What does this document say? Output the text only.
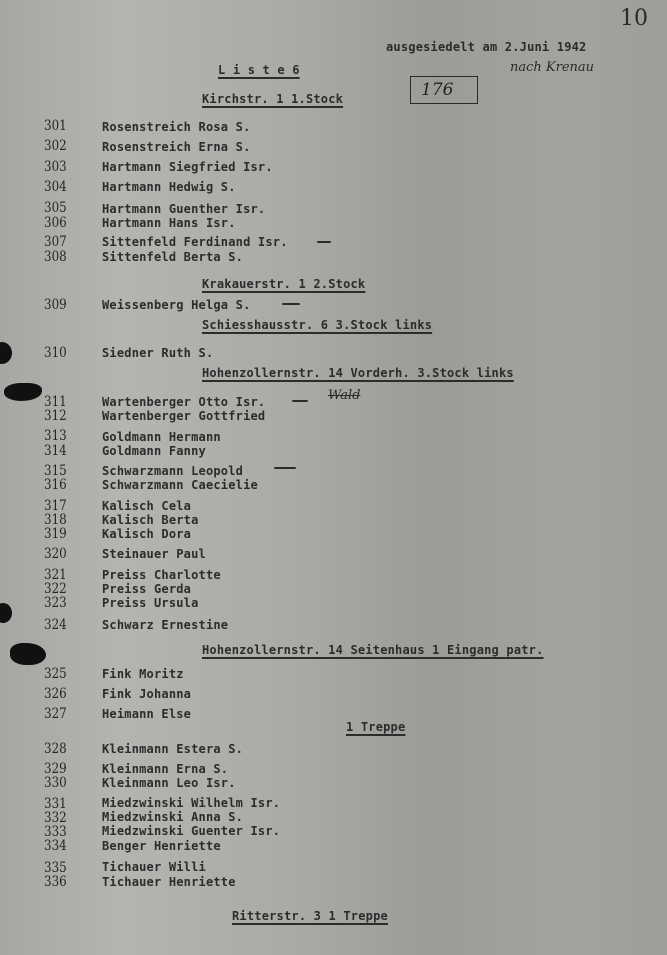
10
ausgesiedelt am 2.Juni 1942
nach Krenau
L i s t e 6
176
Kirchstr. 1 1.Stock
Krakauerstr. 1 2.Stock
Schiesshausstr. 6 3.Stock links
Hohenzollernstr. 14 Vorderh. 3.Stock links
Hohenzollernstr. 14 Seitenhaus 1 Eingang patr.
1 Treppe
Ritterstr. 3 1 Treppe
Wald
301	Rosenstreich Rosa S.
302	Rosenstreich Erna S.
303	Hartmann Siegfried Isr.
304	Hartmann Hedwig S.
305	Hartmann Guenther Isr.
306	Hartmann Hans Isr.
307	Sittenfeld Ferdinand Isr.
308	Sittenfeld Berta S.
309	Weissenberg Helga S.
310	Siedner Ruth S.
311	Wartenberger Otto Isr.
312	Wartenberger Gottfried
313	Goldmann Hermann
314	Goldmann Fanny
315	Schwarzmann Leopold
316	Schwarzmann Caecielie
317	Kalisch Cela
318	Kalisch Berta
319	Kalisch Dora
320	Steinauer Paul
321	Preiss Charlotte
322	Preiss Gerda
323	Preiss Ursula
324	Schwarz Ernestine
325	Fink Moritz
326	Fink Johanna
327	Heimann Else
328	Kleinmann Estera S.
329	Kleinmann Erna S.
330	Kleinmann Leo Isr.
331	Miedzwinski Wilhelm Isr.
332	Miedzwinski Anna S.
333	Miedzwinski Guenter Isr.
334	Benger Henriette
335	Tichauer Willi
336	Tichauer Henriette
